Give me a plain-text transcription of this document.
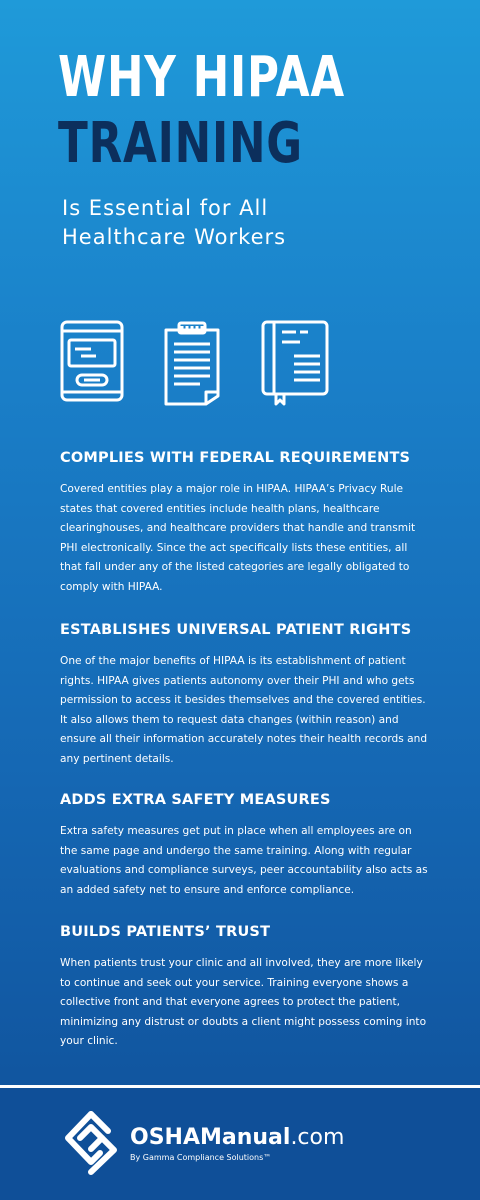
WHY HIPAA
TRAINING
Is Essential for All
Healthcare Workers
COMPLIES WITH FEDERAL REQUIREMENTS

Covered entities play a major role in HIPAA. HIPAA’s Privacy Rule states that covered entities include health plans, healthcare clearinghouses, and healthcare providers that handle and transmit PHI electronically. Since the act specifically lists these entities, all that fall under any of the listed categories are legally obligated to comply with HIPAA.

ESTABLISHES UNIVERSAL PATIENT RIGHTS

One of the major benefits of HIPAA is its establishment of patient rights. HIPAA gives patients autonomy over their PHI and who gets permission to access it besides themselves and the covered entities. It also allows them to request data changes (within reason) and ensure all their information accurately notes their health records and any pertinent details.

ADDS EXTRA SAFETY MEASURES

Extra safety measures get put in place when all employees are on the same page and undergo the same training. Along with regular evaluations and compliance surveys, peer accountability also acts as an added safety net to ensure and enforce compliance.

BUILDS PATIENTS’ TRUST

When patients trust your clinic and all involved, they are more likely to continue and seek out your service. Training everyone shows a collective front and that everyone agrees to protect the patient, minimizing any distrust or doubts a client might possess coming into your clinic.

OSHAManual.com
By Gamma Compliance Solutions™
